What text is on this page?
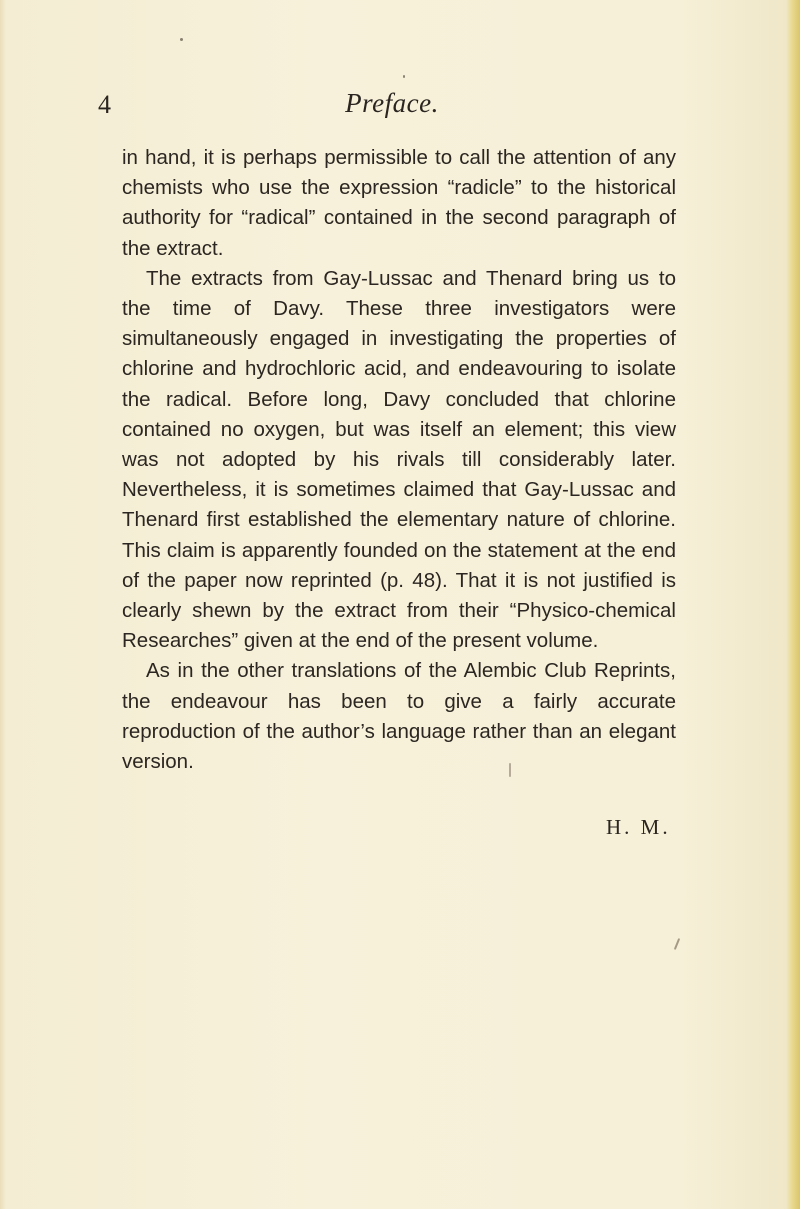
4	Preface.

in hand, it is perhaps permissible to call the attention of any chemists who use the expression “radicle” to the historical authority for “radical” contained in the second paragraph of the extract.

The extracts from Gay-Lussac and Thenard bring us to the time of Davy. These three investigators were simultaneously engaged in investigating the properties of chlorine and hydrochloric acid, and endeavouring to isolate the radical. Before long, Davy concluded that chlorine contained no oxygen, but was itself an element; this view was not adopted by his rivals till considerably later. Nevertheless, it is sometimes claimed that Gay-Lussac and Thenard first established the elementary nature of chlorine. This claim is apparently founded on the statement at the end of the paper now reprinted (p. 48). That it is not justified is clearly shewn by the extract from their “Physico-chemical Researches” given at the end of the present volume.

As in the other translations of the Alembic Club Reprints, the endeavour has been to give a fairly accurate reproduction of the author’s language rather than an elegant version.

H. M.
